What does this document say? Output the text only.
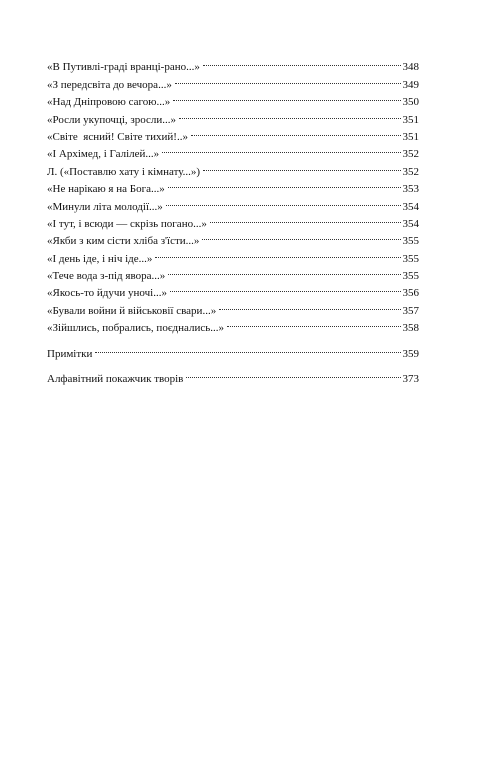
«В Путивлі-граді вранці-рано...»	348
«З передсвіта до вечора...»	349
«Над Дніпровою сагою...»	350
«Росли укупочці, зросли...»	351
«Світе  ясний! Світе тихий!..»	351
«І Архімед, і Галілей...»	352
Л. («Поставлю хату і кімнату...»)	352
«Не нарікаю я на Бога...»	353
«Минули літа молодії...»	354
«І тут, і всюди — скрізь погано...»	354
«Якби з ким сісти хліба з'їсти...»	355
«І день іде, і ніч іде...»	355
«Тече вода з-під явора...»	355
«Якось-то йдучи уночі...»	356
«Бували войни й військовії свари...»	357
«Зійшлись, побрались, поєднались...»	358
Примітки	359
Алфавітний покажчик творів	373
